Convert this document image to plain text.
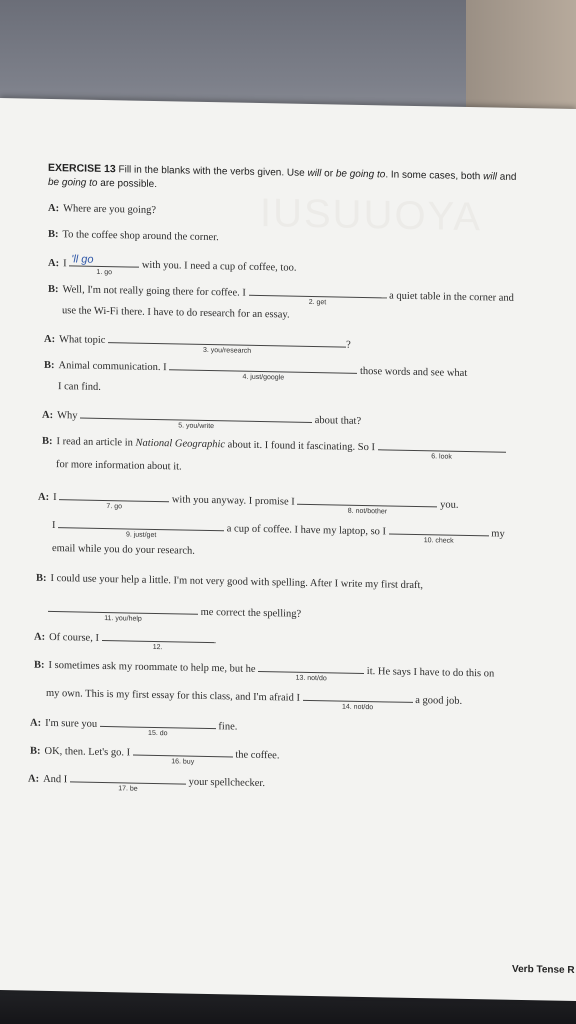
IUSUUOYA
EXERCISE 13 Fill in the blanks with the verbs given. Use will or be going to. In some cases, both will and
be going to are possible.
A: Where are you going?
B: To the coffee shop around the corner.
A: I 'll go
1. go	with you. I need a cup of coffee, too.
B: Well, I'm not really going there for coffee. I
2. get	a quiet table in the corner and
use the Wi-Fi there. I have to do research for an essay.
A: What topic
3. you/research
?
B: Animal communication. I
4. just/google	those words and see what
I can find.
A: Why
5. you/write	about that?
B: I read an article in National Geographic about it. I found it fascinating. So I
6. look
for more information about it.
A: I
7. go	with you anyway. I promise I
8. not/bother
you.
I
9. just/get	a cup of coffee. I have my laptop, so I
10. check
my
email while you do your research.
B: I could use your help a little. I'm not very good with spelling. After I write my first draft,
11. you/help	me correct the spelling?
A: Of course, I
12.
.
B: I sometimes ask my roommate to help me, but he
13. not/do	it. He says I have to do this on
my own. This is my first essay for this class, and I'm afraid I
14. not/do
a good job.
A: I'm sure you
15. do
fine.
B: OK, then. Let's go. I
16. buy
the coffee.
A: And I
17. be	your spellchecker.
Verb Tense R
